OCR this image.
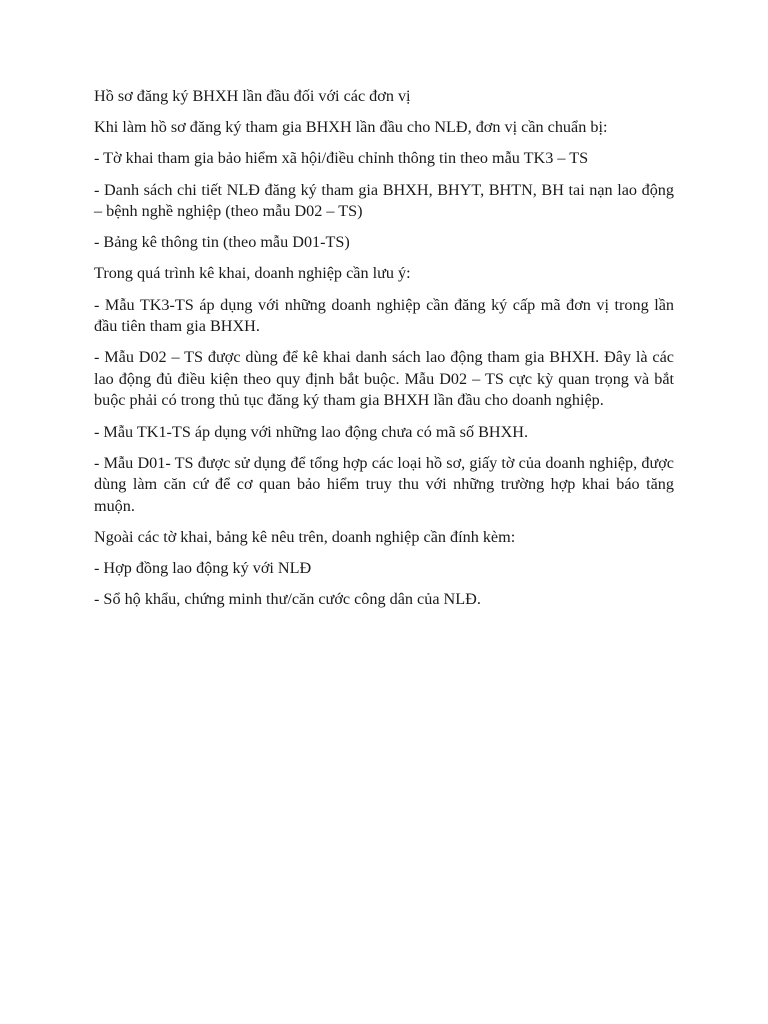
Hồ sơ đăng ký BHXH lần đầu đối với các đơn vị

Khi làm hồ sơ đăng ký tham gia BHXH lần đầu cho NLĐ, đơn vị cần chuẩn bị:

- Tờ khai tham gia bảo hiểm xã hội/điều chỉnh thông tin theo mẫu TK3 – TS

- Danh sách chi tiết NLĐ đăng ký tham gia BHXH, BHYT, BHTN, BH tai nạn lao động – bệnh nghề nghiệp (theo mẫu D02 – TS)

- Bảng kê thông tin (theo mẫu D01-TS)

Trong quá trình kê khai, doanh nghiệp cần lưu ý:

- Mẫu TK3-TS áp dụng với những doanh nghiệp cần đăng ký cấp mã đơn vị trong lần đầu tiên tham gia BHXH.

- Mẫu D02 – TS được dùng để kê khai danh sách lao động tham gia BHXH. Đây là các lao động đủ điều kiện theo quy định bắt buộc. Mẫu D02 – TS cực kỳ quan trọng và bắt buộc phải có trong thủ tục đăng ký tham gia BHXH lần đầu cho doanh nghiệp.

- Mẫu TK1-TS áp dụng với những lao động chưa có mã số BHXH.

- Mẫu D01- TS được sử dụng để tổng hợp các loại hồ sơ, giấy tờ của doanh nghiệp, được dùng làm căn cứ để cơ quan bảo hiểm truy thu với những trường hợp khai báo tăng muộn.

Ngoài các tờ khai, bảng kê nêu trên, doanh nghiệp cần đính kèm:

- Hợp đồng lao động ký với NLĐ

- Sổ hộ khẩu, chứng minh thư/căn cước công dân của NLĐ.
